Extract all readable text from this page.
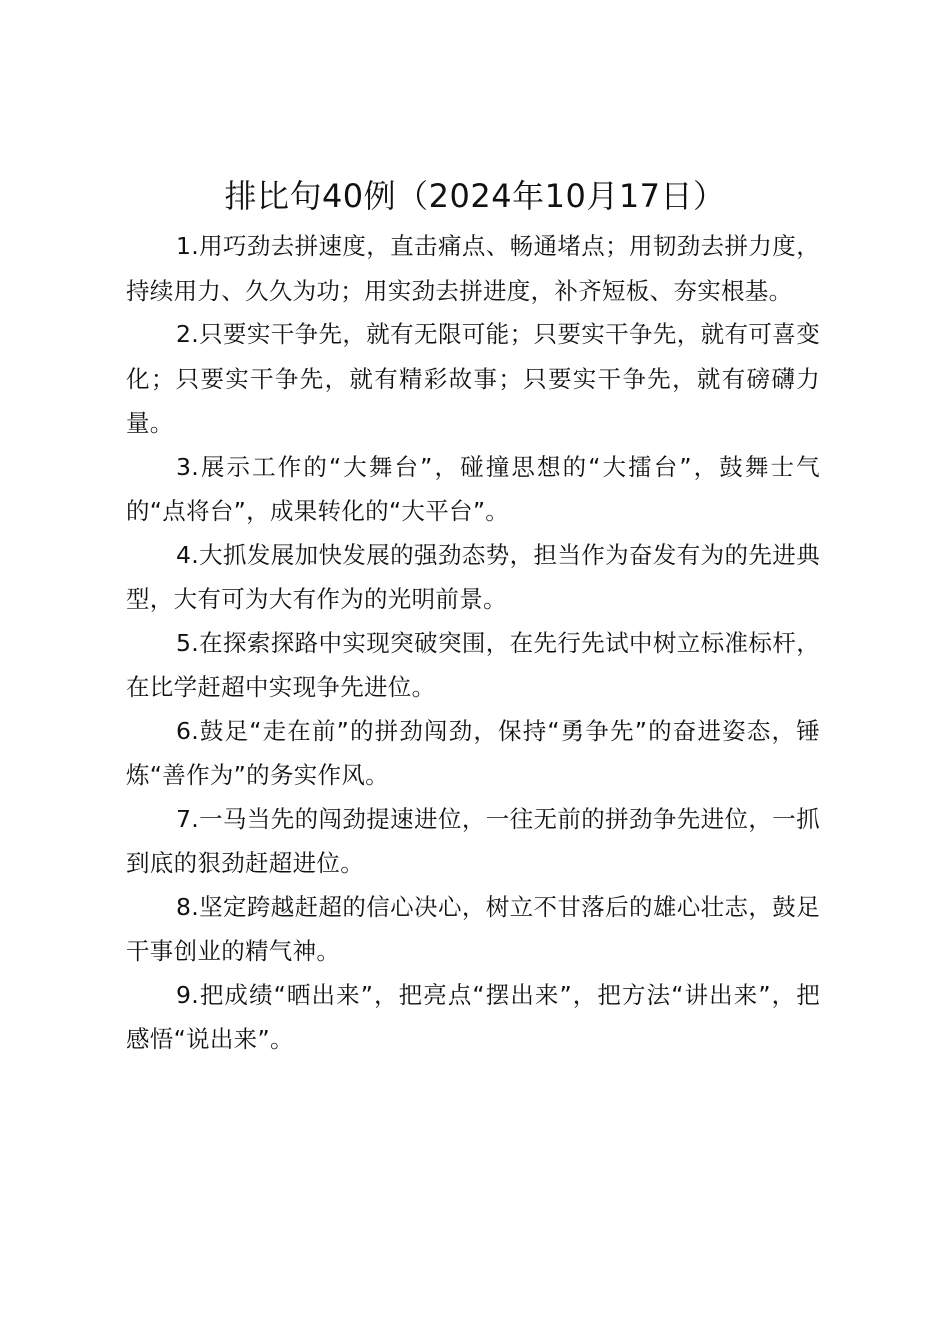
排比句40例（2024年10月17日）

1.用巧劲去拼速度，直击痛点、畅通堵点；用韧劲去拼力度，持续用力、久久为功；用实劲去拼进度，补齐短板、夯实根基。

2.只要实干争先，就有无限可能；只要实干争先，就有可喜变化；只要实干争先，就有精彩故事；只要实干争先，就有磅礴力量。

3.展示工作的“大舞台”，碰撞思想的“大擂台”，鼓舞士气的“点将台”，成果转化的“大平台”。

4.大抓发展加快发展的强劲态势，担当作为奋发有为的先进典型，大有可为大有作为的光明前景。

5.在探索探路中实现突破突围，在先行先试中树立标准标杆，在比学赶超中实现争先进位。

6.鼓足“走在前”的拼劲闯劲，保持“勇争先”的奋进姿态，锤炼“善作为”的务实作风。

7.一马当先的闯劲提速进位，一往无前的拼劲争先进位，一抓到底的狠劲赶超进位。

8.坚定跨越赶超的信心决心，树立不甘落后的雄心壮志，鼓足干事创业的精气神。

9.把成绩“晒出来”，把亮点“摆出来”，把方法“讲出来”，把感悟“说出来”。
